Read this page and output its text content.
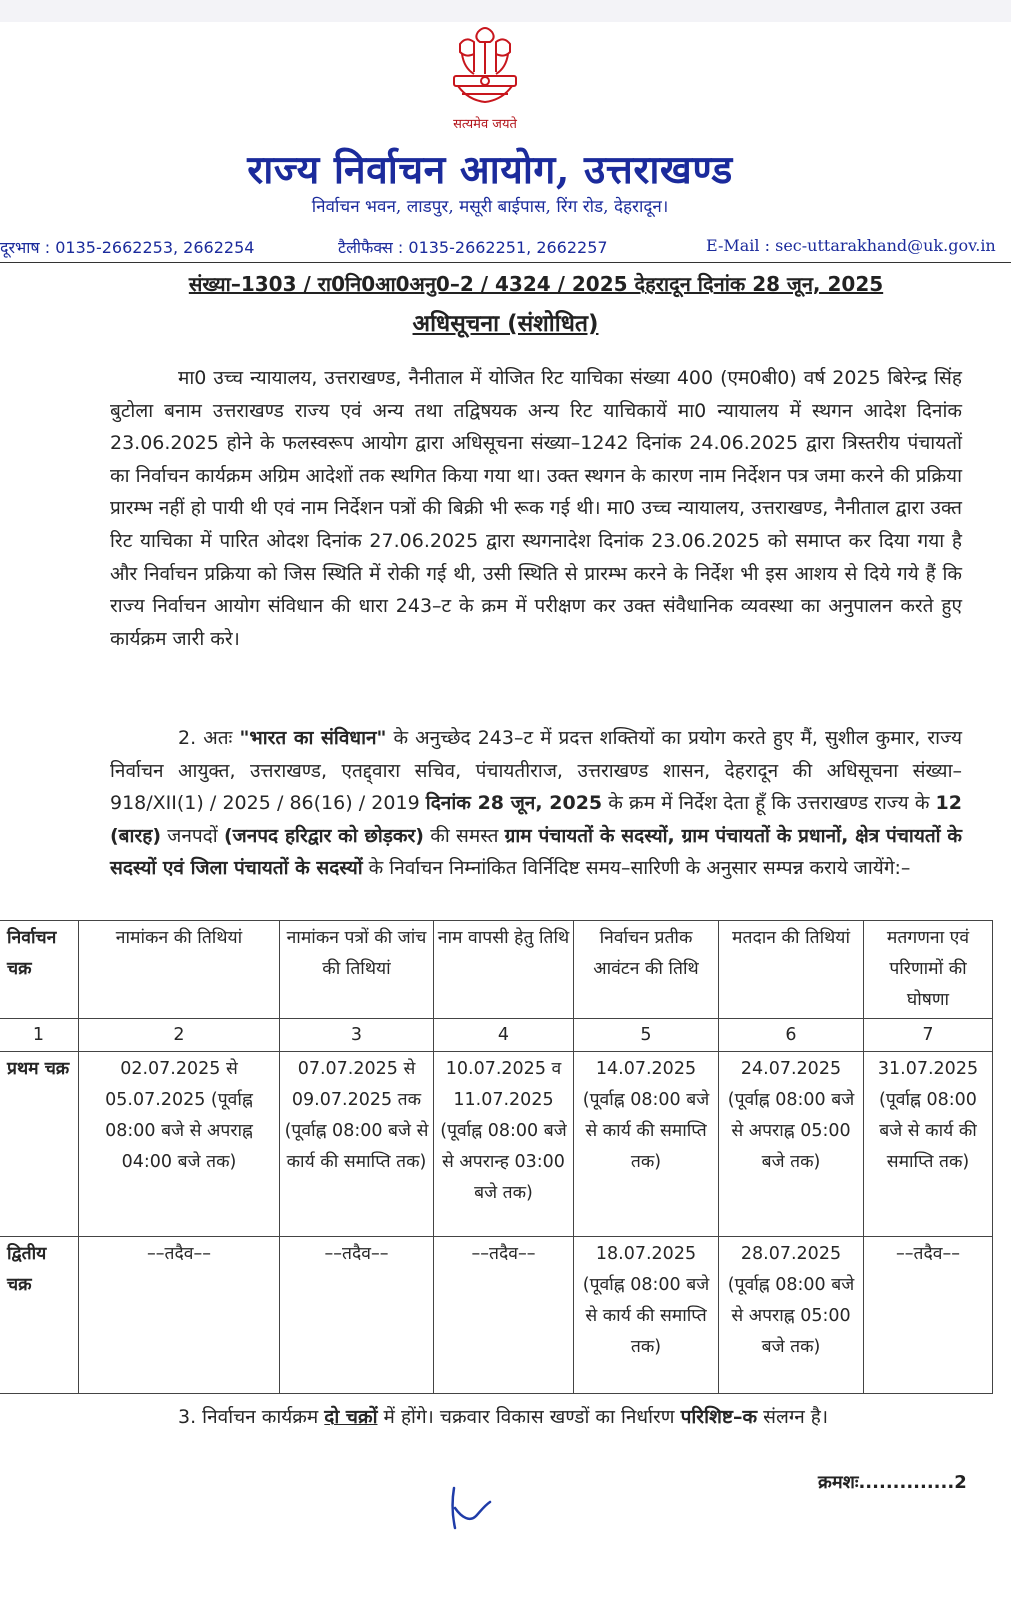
सत्यमेव जयते
राज्य निर्वाचन आयोग, उत्तराखण्ड
निर्वाचन भवन, लाडपुर, मसूरी बाईपास, रिंग रोड, देहरादून।
दूरभाष : 0135-2662253, 2662254	टैलीफैक्स : 0135-2662251, 2662257	E-Mail : sec-uttarakhand@uk.gov.in
संख्या–1303 / रा0नि0आ0अनु0–2 / 4324 / 2025 देहरादून दिनांक 28 जून, 2025
अधिसूचना (संशोधित)
मा0 उच्च न्यायालय, उत्तराखण्ड, नैनीताल में योजित रिट याचिका संख्या 400 (एम0बी0) वर्ष 2025 बिरेन्द्र सिंह बुटोला बनाम उत्तराखण्ड राज्य एवं अन्य तथा तद्विषयक अन्य रिट याचिकायें मा0 न्यायालय में स्थगन आदेश दिनांक 23.06.2025 होने के फलस्वरूप आयोग द्वारा अधिसूचना संख्या–1242 दिनांक 24.06.2025 द्वारा त्रिस्तरीय पंचायतों का निर्वाचन कार्यक्रम अग्रिम आदेशों तक स्थगित किया गया था। उक्त स्थगन के कारण नाम निर्देशन पत्र जमा करने की प्रक्रिया प्रारम्भ नहीं हो पायी थी एवं नाम निर्देशन पत्रों की बिक्री भी रूक गई थी। मा0 उच्च न्यायालय, उत्तराखण्ड, नैनीताल द्वारा उक्त रिट याचिका में पारित ओदश दिनांक 27.06.2025 द्वारा स्थगनादेश दिनांक 23.06.2025 को समाप्त कर दिया गया है और निर्वाचन प्रक्रिया को जिस स्थिति में रोकी गई थी, उसी स्थिति से प्रारम्भ करने के निर्देश भी इस आशय से दिये गये हैं कि राज्य निर्वाचन आयोग संविधान की धारा 243–ट के क्रम में परीक्षण कर उक्त संवैधानिक व्यवस्था का अनुपालन करते हुए कार्यक्रम जारी करे।
2. अतः "भारत का संविधान" के अनुच्छेद 243–ट में प्रदत्त शक्तियों का प्रयोग करते हुए मैं, सुशील कुमार, राज्य निर्वाचन आयुक्त, उत्तराखण्ड, एतद्द्वारा सचिव, पंचायतीराज, उत्तराखण्ड शासन, देहरादून की अधिसूचना संख्या–918/XII(1) / 2025 / 86(16) / 2019 दिनांक 28 जून, 2025 के क्रम में निर्देश देता हूँ कि उत्तराखण्ड राज्य के 12 (बारह) जनपदों (जनपद हरिद्वार को छोड़कर) की समस्त ग्राम पंचायतों के सदस्यों, ग्राम पंचायतों के प्रधानों, क्षेत्र पंचायतों के सदस्यों एवं जिला पंचायतों के सदस्यों के निर्वाचन निम्नांकित विर्निदिष्ट समय–सारिणी के अनुसार सम्पन्न कराये जायेंगे:–
निर्वाचन चक्र	नामांकन की तिथियां	नामांकन पत्रों की जांच की तिथियां	नाम वापसी हेतु तिथि	निर्वाचन प्रतीक आवंटन की तिथि	मतदान की तिथियां	मतगणना एवं परिणामों की घोषणा
1	2	3	4	5	6	7
प्रथम चक्र	02.07.2025 से 05.07.2025 (पूर्वाह्न 08:00 बजे से अपराह्न 04:00 बजे तक)	07.07.2025 से 09.07.2025 तक (पूर्वाह्न 08:00 बजे से कार्य की समाप्ति तक)	10.07.2025 व 11.07.2025 (पूर्वाह्न 08:00 बजे से अपरान्ह 03:00 बजे तक)	14.07.2025 (पूर्वाह्न 08:00 बजे से कार्य की समाप्ति तक)	24.07.2025 (पूर्वाह्न 08:00 बजे से अपराह्न 05:00 बजे तक)	31.07.2025 (पूर्वाह्न 08:00 बजे से कार्य की समाप्ति तक)
द्वितीय चक्र	––तदैव––	––तदैव––	––तदैव––	18.07.2025 (पूर्वाह्न 08:00 बजे से कार्य की समाप्ति तक)	28.07.2025 (पूर्वाह्न 08:00 बजे से अपराह्न 05:00 बजे तक)	––तदैव––
3. निर्वाचन कार्यक्रम दो चक्रों में होंगे। चक्रवार विकास खण्डों का निर्धारण परिशिष्ट–क संलग्न है।
क्रमशः..............2
